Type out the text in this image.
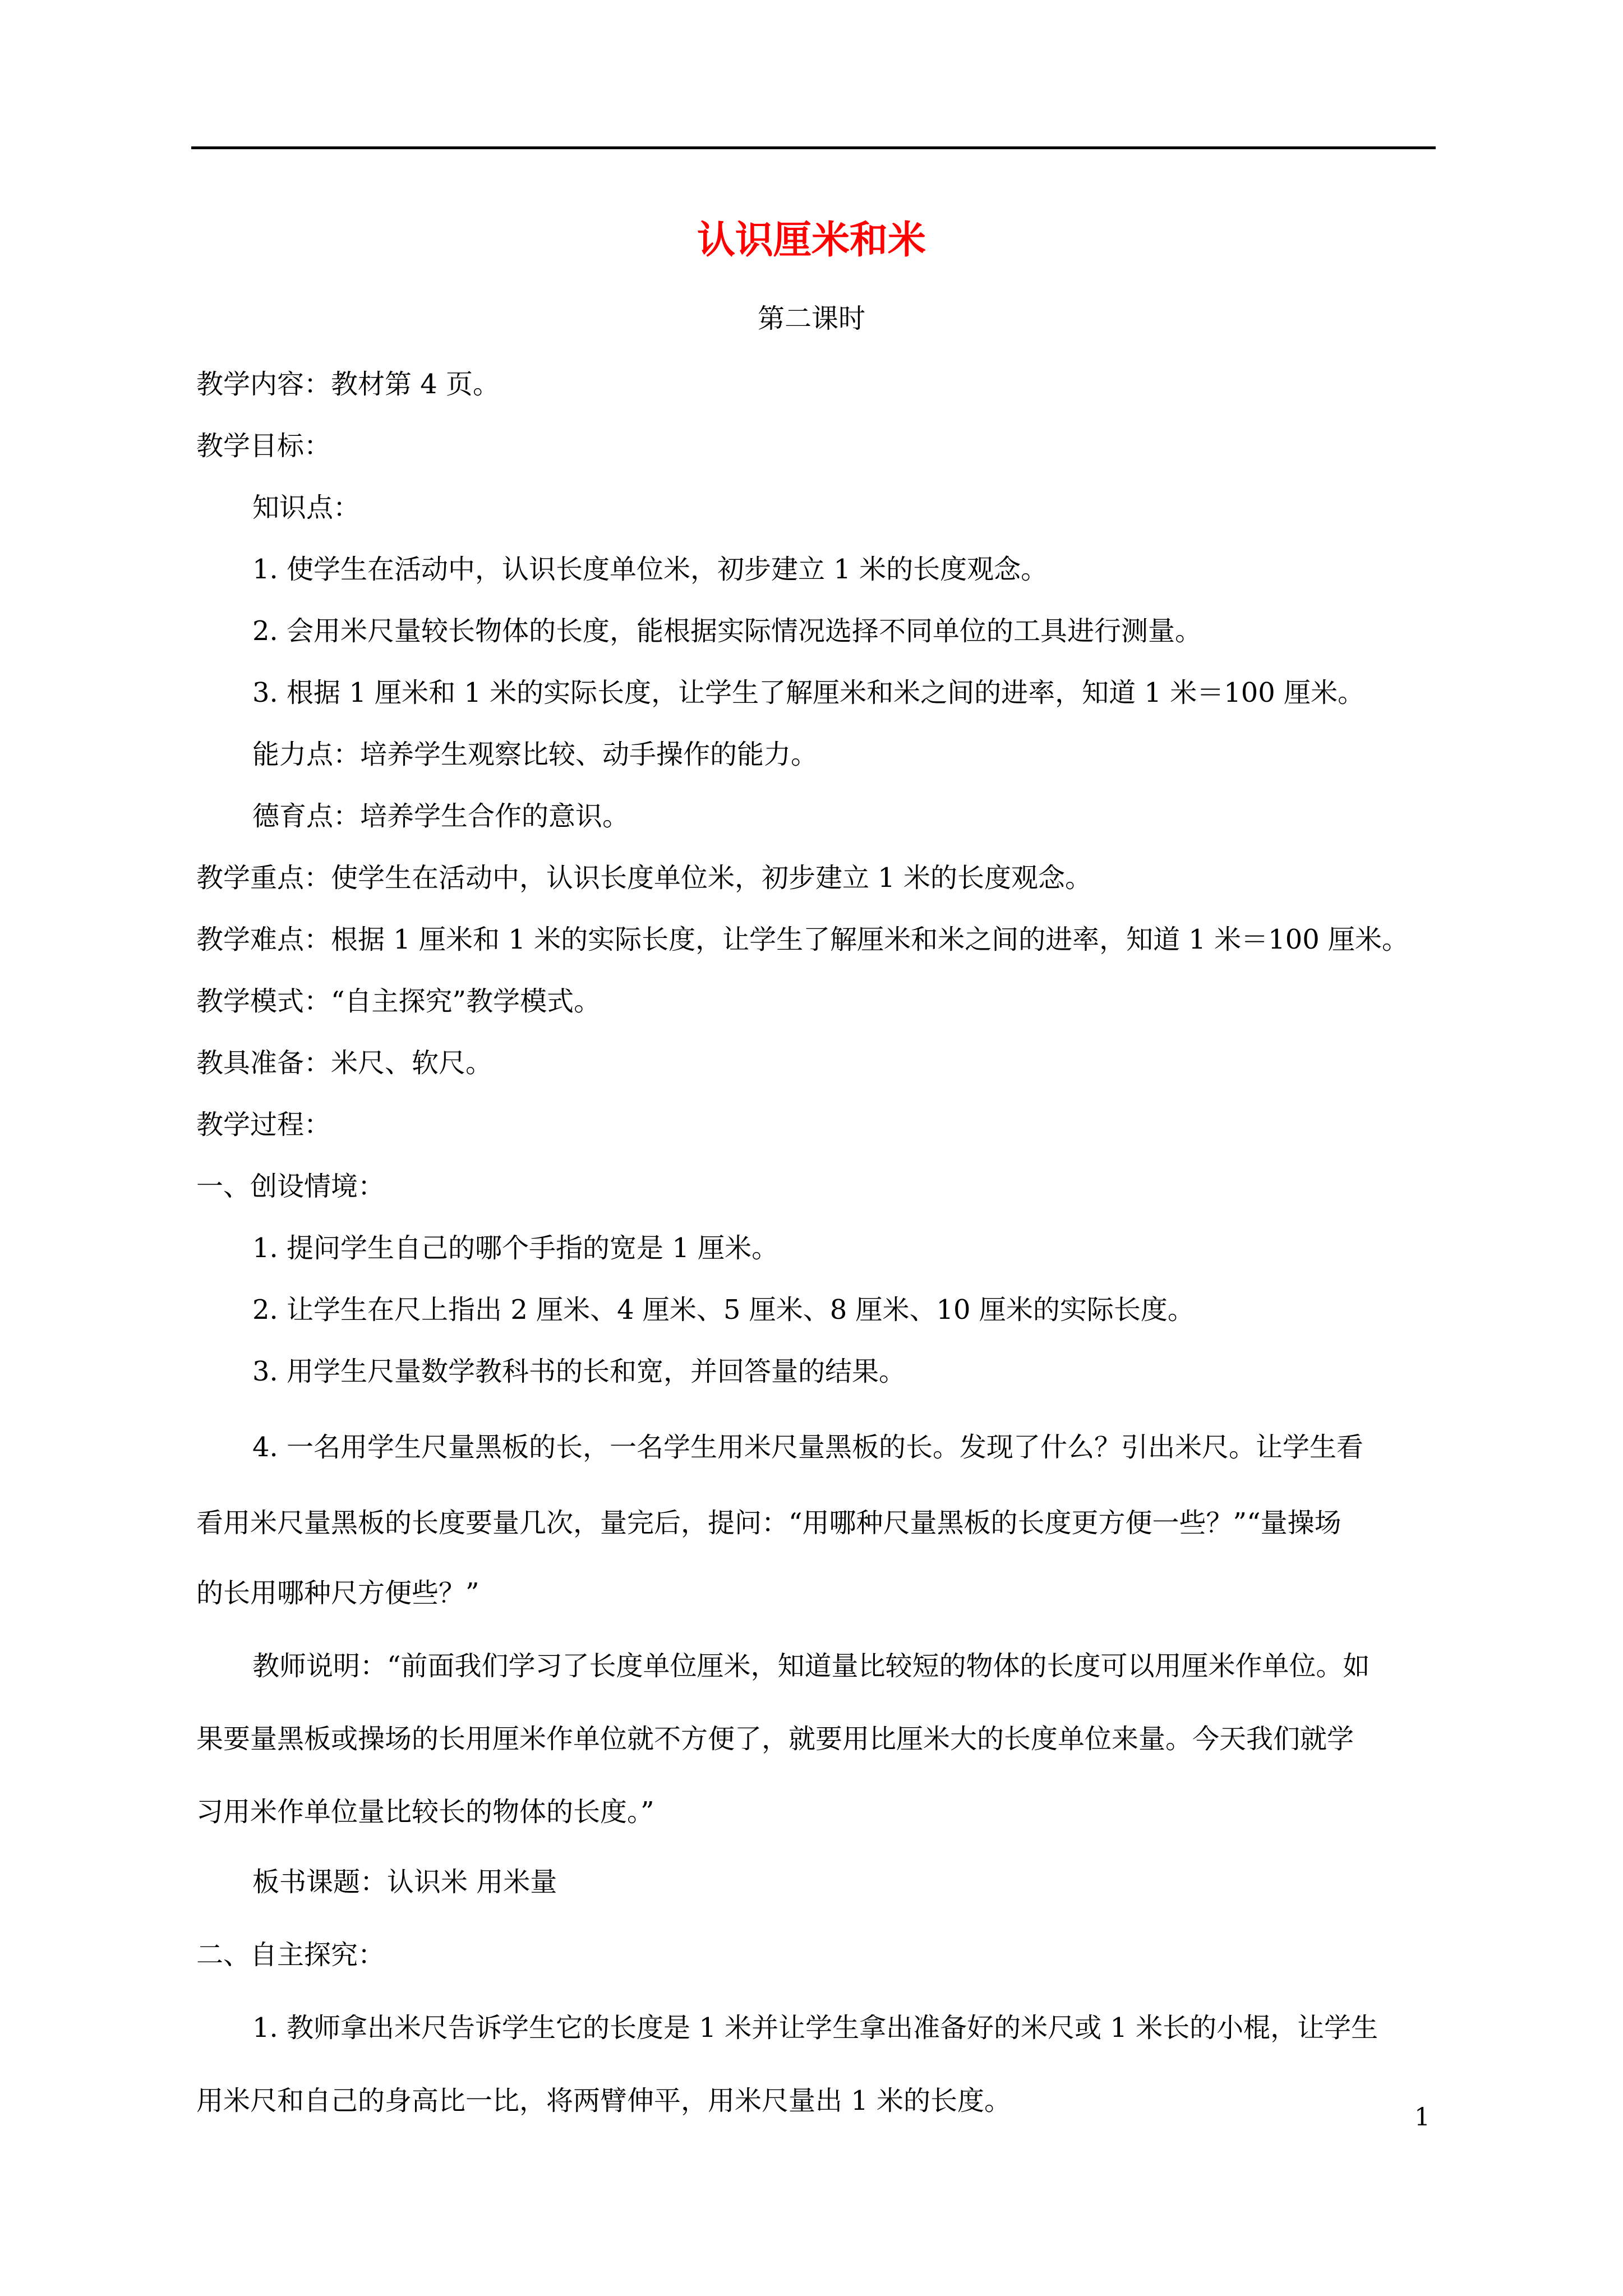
认识厘米和米
第二课时
教学内容：教材第 4 页。
教学目标：
知识点：
1. 使学生在活动中，认识长度单位米，初步建立 1 米的长度观念。
2. 会用米尺量较长物体的长度，能根据实际情况选择不同单位的工具进行测量。
3. 根据 1 厘米和 1 米的实际长度，让学生了解厘米和米之间的进率，知道 1 米＝100 厘米。
能力点：培养学生观察比较、动手操作的能力。
德育点：培养学生合作的意识。
教学重点：使学生在活动中，认识长度单位米，初步建立 1 米的长度观念。
教学难点：根据 1 厘米和 1 米的实际长度，让学生了解厘米和米之间的进率，知道 1 米＝100 厘米。
教学模式：“自主探究”教学模式。
教具准备：米尺、软尺。
教学过程：
一、创设情境：
1. 提问学生自己的哪个手指的宽是 1 厘米。
2. 让学生在尺上指出 2 厘米、4 厘米、5 厘米、8 厘米、10 厘米的实际长度。
3. 用学生尺量数学教科书的长和宽，并回答量的结果。
4. 一名用学生尺量黑板的长，一名学生用米尺量黑板的长。发现了什么？引出米尺。让学生看
看用米尺量黑板的长度要量几次，量完后，提问：“用哪种尺量黑板的长度更方便一些？”“量操场
的长用哪种尺方便些？”
教师说明：“前面我们学习了长度单位厘米，知道量比较短的物体的长度可以用厘米作单位。如
果要量黑板或操场的长用厘米作单位就不方便了，就要用比厘米大的长度单位来量。今天我们就学
习用米作单位量比较长的物体的长度。”
板书课题：认识米 用米量
二、自主探究：
1. 教师拿出米尺告诉学生它的长度是 1 米并让学生拿出准备好的米尺或 1 米长的小棍，让学生
用米尺和自己的身高比一比，将两臂伸平，用米尺量出 1 米的长度。
1
